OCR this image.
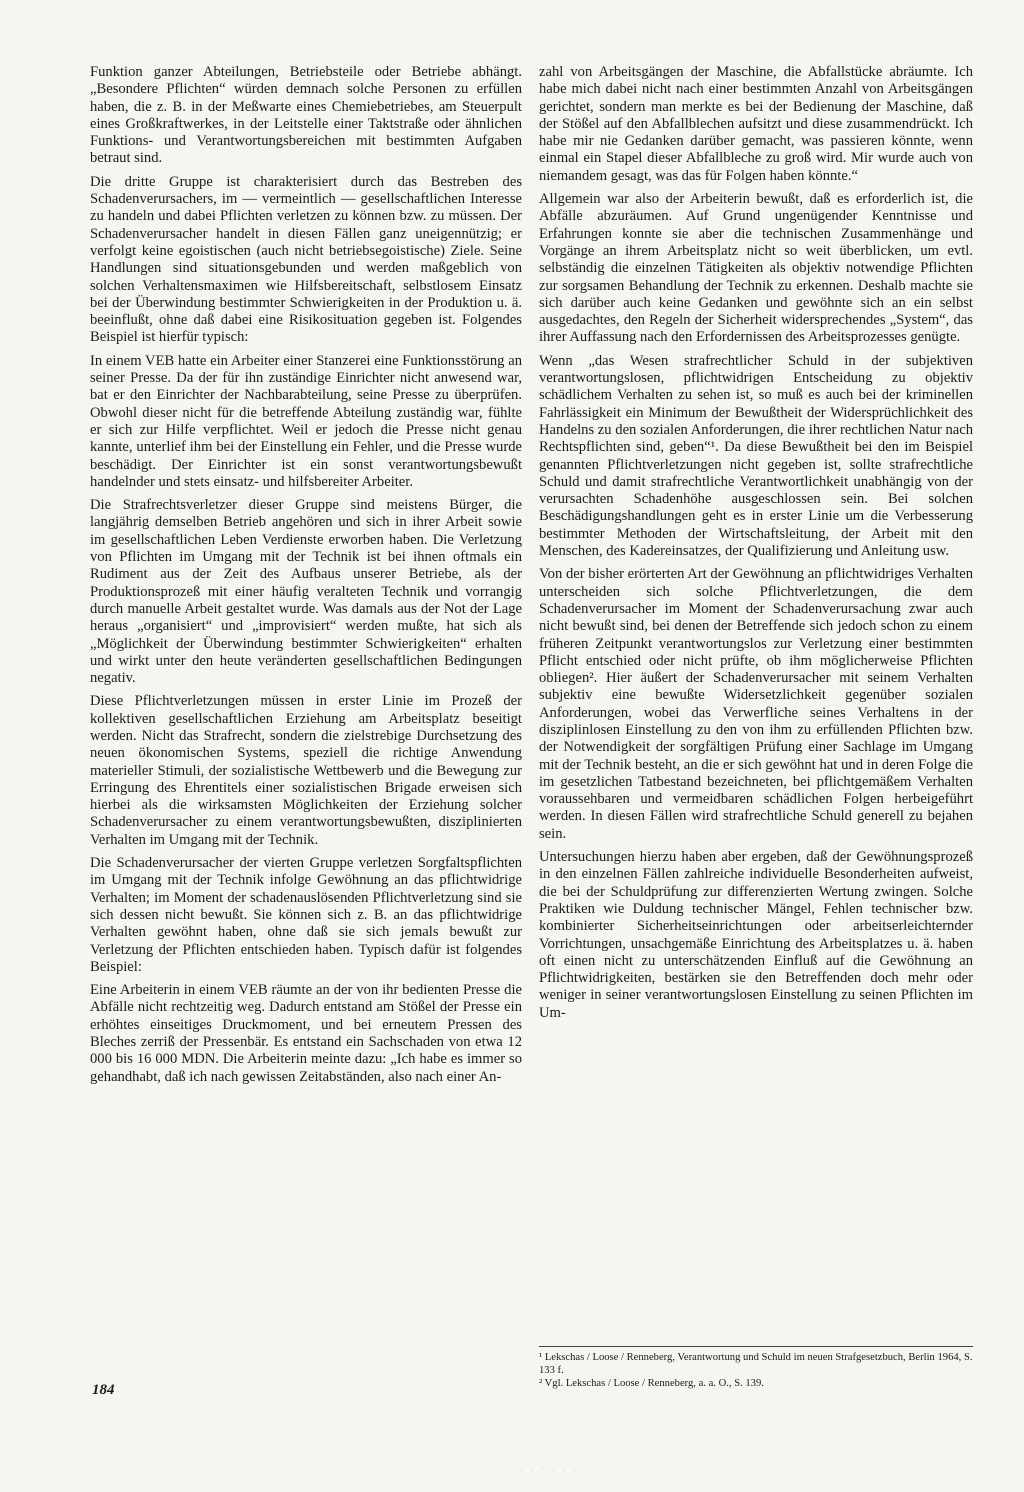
Funktion ganzer Abteilungen, Betriebsteile oder Betriebe abhängt. „Besondere Pflichten“ würden demnach solche Personen zu erfüllen haben, die z. B. in der Meßwarte eines Chemiebetriebes, am Steuerpult eines Großkraftwerkes, in der Leitstelle einer Taktstraße oder ähnlichen Funktions- und Verantwortungsbereichen mit bestimmten Aufgaben betraut sind.

Die dritte Gruppe ist charakterisiert durch das Bestreben des Schadenverursachers, im — vermeintlich — gesellschaftlichen Interesse zu handeln und dabei Pflichten verletzen zu können bzw. zu müssen. Der Schadenverursacher handelt in diesen Fällen ganz uneigennützig; er verfolgt keine egoistischen (auch nicht betriebsegoistische) Ziele. Seine Handlungen sind situationsgebunden und werden maßgeblich von solchen Verhaltensmaximen wie Hilfsbereitschaft, selbstlosem Einsatz bei der Überwindung bestimmter Schwierigkeiten in der Produktion u. ä. beeinflußt, ohne daß dabei eine Risikosituation gegeben ist. Folgendes Beispiel ist hierfür typisch:

In einem VEB hatte ein Arbeiter einer Stanzerei eine Funktionsstörung an seiner Presse. Da der für ihn zuständige Einrichter nicht anwesend war, bat er den Einrichter der Nachbarabteilung, seine Presse zu überprüfen. Obwohl dieser nicht für die betreffende Abteilung zuständig war, fühlte er sich zur Hilfe verpflichtet. Weil er jedoch die Presse nicht genau kannte, unterlief ihm bei der Einstellung ein Fehler, und die Presse wurde beschädigt. Der Einrichter ist ein sonst verantwortungsbewußt handelnder und stets einsatz- und hilfsbereiter Arbeiter.

Die Strafrechtsverletzer dieser Gruppe sind meistens Bürger, die langjährig demselben Betrieb angehören und sich in ihrer Arbeit sowie im gesellschaftlichen Leben Verdienste erworben haben. Die Verletzung von Pflichten im Umgang mit der Technik ist bei ihnen oftmals ein Rudiment aus der Zeit des Aufbaus unserer Betriebe, als der Produktionsprozeß mit einer häufig veralteten Technik und vorrangig durch manuelle Arbeit gestaltet wurde. Was damals aus der Not der Lage heraus „organisiert“ und „improvisiert“ werden mußte, hat sich als „Möglichkeit der Überwindung bestimmter Schwierigkeiten“ erhalten und wirkt unter den heute veränderten gesellschaftlichen Bedingungen negativ.

Diese Pflichtverletzungen müssen in erster Linie im Prozeß der kollektiven gesellschaftlichen Erziehung am Arbeitsplatz beseitigt werden. Nicht das Strafrecht, sondern die zielstrebige Durchsetzung des neuen ökonomischen Systems, speziell die richtige Anwendung materieller Stimuli, der sozialistische Wettbewerb und die Bewegung zur Erringung des Ehrentitels einer sozialistischen Brigade erweisen sich hierbei als die wirksamsten Möglichkeiten der Erziehung solcher Schadenverursacher zu einem verantwortungsbewußten, disziplinierten Verhalten im Umgang mit der Technik.

Die Schadenverursacher der vierten Gruppe verletzen Sorgfaltspflichten im Umgang mit der Technik infolge Gewöhnung an das pflichtwidrige Verhalten; im Moment der schadenauslösenden Pflichtverletzung sind sie sich dessen nicht bewußt. Sie können sich z. B. an das pflichtwidrige Verhalten gewöhnt haben, ohne daß sie sich jemals bewußt zur Verletzung der Pflichten entschieden haben. Typisch dafür ist folgendes Beispiel:

Eine Arbeiterin in einem VEB räumte an der von ihr bedienten Presse die Abfälle nicht rechtzeitig weg. Dadurch entstand am Stößel der Presse ein erhöhtes einseitiges Druckmoment, und bei erneutem Pressen des Bleches zerriß der Pressenbär. Es entstand ein Sachschaden von etwa 12 000 bis 16 000 MDN. Die Arbeiterin meinte dazu: „Ich habe es immer so gehandhabt, daß ich nach gewissen Zeitabständen, also nach einer An-

zahl von Arbeitsgängen der Maschine, die Abfallstücke abräumte. Ich habe mich dabei nicht nach einer bestimmten Anzahl von Arbeitsgängen gerichtet, sondern man merkte es bei der Bedienung der Maschine, daß der Stößel auf den Abfallblechen aufsitzt und diese zusammendrückt. Ich habe mir nie Gedanken darüber gemacht, was passieren könnte, wenn einmal ein Stapel dieser Abfallbleche zu groß wird. Mir wurde auch von niemandem gesagt, was das für Folgen haben könnte.“

Allgemein war also der Arbeiterin bewußt, daß es erforderlich ist, die Abfälle abzuräumen. Auf Grund ungenügender Kenntnisse und Erfahrungen konnte sie aber die technischen Zusammenhänge und Vorgänge an ihrem Arbeitsplatz nicht so weit überblicken, um evtl. selbständig die einzelnen Tätigkeiten als objektiv notwendige Pflichten zur sorgsamen Behandlung der Technik zu erkennen. Deshalb machte sie sich darüber auch keine Gedanken und gewöhnte sich an ein selbst ausgedachtes, den Regeln der Sicherheit widersprechendes „System“, das ihrer Auffassung nach den Erfordernissen des Arbeitsprozesses genügte.

Wenn „das Wesen strafrechtlicher Schuld in der subjektiven verantwortungslosen, pflichtwidrigen Entscheidung zu objektiv schädlichem Verhalten zu sehen ist, so muß es auch bei der kriminellen Fahrlässigkeit ein Minimum der Bewußtheit der Widersprüchlichkeit des Handelns zu den sozialen Anforderungen, die ihrer rechtlichen Natur nach Rechtspflichten sind, geben“¹. Da diese Bewußtheit bei den im Beispiel genannten Pflichtverletzungen nicht gegeben ist, sollte strafrechtliche Schuld und damit strafrechtliche Verantwortlichkeit unabhängig von der verursachten Schadenhöhe ausgeschlossen sein. Bei solchen Beschädigungshandlungen geht es in erster Linie um die Verbesserung bestimmter Methoden der Wirtschaftsleitung, der Arbeit mit den Menschen, des Kadereinsatzes, der Qualifizierung und Anleitung usw.

Von der bisher erörterten Art der Gewöhnung an pflichtwidriges Verhalten unterscheiden sich solche Pflichtverletzungen, die dem Schadenverursacher im Moment der Schadenverursachung zwar auch nicht bewußt sind, bei denen der Betreffende sich jedoch schon zu einem früheren Zeitpunkt verantwortungslos zur Verletzung einer bestimmten Pflicht entschied oder nicht prüfte, ob ihm möglicherweise Pflichten obliegen². Hier äußert der Schadenverursacher mit seinem Verhalten subjektiv eine bewußte Widersetzlichkeit gegenüber sozialen Anforderungen, wobei das Verwerfliche seines Verhaltens in der disziplinlosen Einstellung zu den von ihm zu erfüllenden Pflichten bzw. der Notwendigkeit der sorgfältigen Prüfung einer Sachlage im Umgang mit der Technik besteht, an die er sich gewöhnt hat und in deren Folge die im gesetzlichen Tatbestand bezeichneten, bei pflichtgemäßem Verhalten voraussehbaren und vermeidbaren schädlichen Folgen herbeigeführt werden. In diesen Fällen wird strafrechtliche Schuld generell zu bejahen sein.

Untersuchungen hierzu haben aber ergeben, daß der Gewöhnungsprozeß in den einzelnen Fällen zahlreiche individuelle Besonderheiten aufweist, die bei der Schuldprüfung zur differenzierten Wertung zwingen. Solche Praktiken wie Duldung technischer Mängel, Fehlen technischer bzw. kombinierter Sicherheitseinrichtungen oder arbeitserleichternder Vorrichtungen, unsachgemäße Einrichtung des Arbeitsplatzes u. ä. haben oft einen nicht zu unterschätzenden Einfluß auf die Gewöhnung an Pflichtwidrigkeiten, bestärken sie den Betreffenden doch mehr oder weniger in seiner verantwortungslosen Einstellung zu seinen Pflichten im Um-

¹ Lekschas / Loose / Renneberg, Verantwortung und Schuld im neuen Strafgesetzbuch, Berlin 1964, S. 133 f.

² Vgl. Lekschas / Loose / Renneberg, a. a. O., S. 139.

184
· · ` · · ·
